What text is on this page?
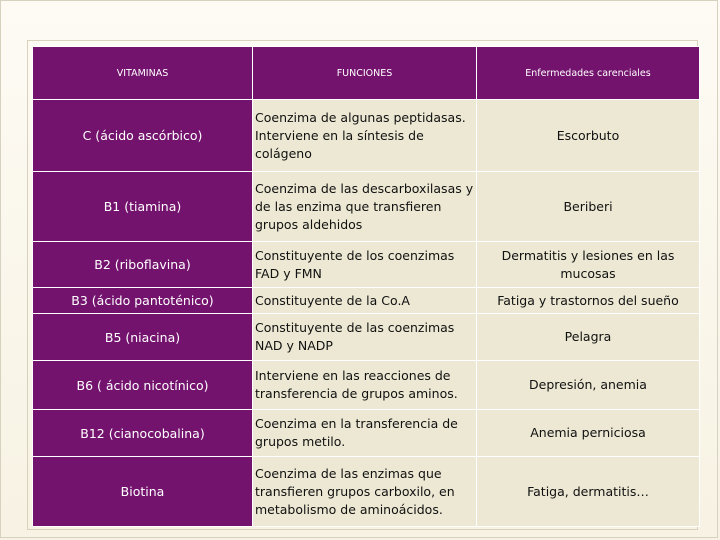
VITAMINAS	FUNCIONES	Enfermedades carenciales
C (ácido ascórbico)	Coenzima de algunas peptidasas. Interviene en la síntesis de colágeno	Escorbuto
B1 (tiamina)	Coenzima de las descarboxilasas y de las enzima que transfieren grupos aldehidos	Beriberi
B2 (riboflavina)	Constituyente de los coenzimas FAD y FMN	Dermatitis y lesiones en las mucosas
B3 (ácido pantoténico)	Constituyente de la Co.A	Fatiga y trastornos del sueño
B5 (niacina)	Constituyente de las coenzimas NAD y NADP	Pelagra
B6 ( ácido nicotínico)	Interviene en las reacciones de transferencia de grupos aminos.	Depresión, anemia
B12 (cianocobalina)	Coenzima en la transferencia de grupos metilo.	Anemia perniciosa
Biotina	Coenzima de las enzimas que transfieren grupos carboxilo, en metabolismo de aminoácidos.	Fatiga, dermatitis…
